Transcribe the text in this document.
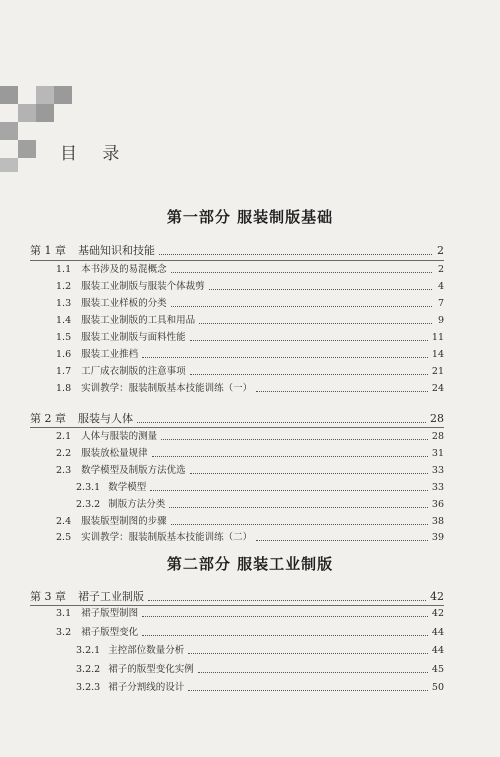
目 录
第一部分 服装制版基础
第 1 章	基础知识和技能	2
1.1	本书涉及的易混概念	2
1.2	服装工业制版与服装个体裁剪	4
1.3	服装工业样板的分类	7
1.4	服装工业制版的工具和用品	9
1.5	服装工业制版与面料性能	11
1.6	服装工业推档	14
1.7	工厂成衣制版的注意事项	21
1.8	实训教学：服装制版基本技能训练（一）	24
第 2 章	服装与人体	28
2.1	人体与服装的测量	28
2.2	服装放松量规律	31
2.3	数学模型及制版方法优选	33
2.3.1 数学模型	33
2.3.2 制版方法分类	36
2.4	服装版型制图的步骤	38
2.5	实训教学：服装制版基本技能训练（二）	39
第二部分 服装工业制版
第 3 章	裙子工业制版	42
3.1	裙子版型制图	42
3.2	裙子版型变化	44
3.2.1 主控部位数量分析	44
3.2.2 裙子的版型变化实例	45
3.2.3 裙子分割线的设计	50
